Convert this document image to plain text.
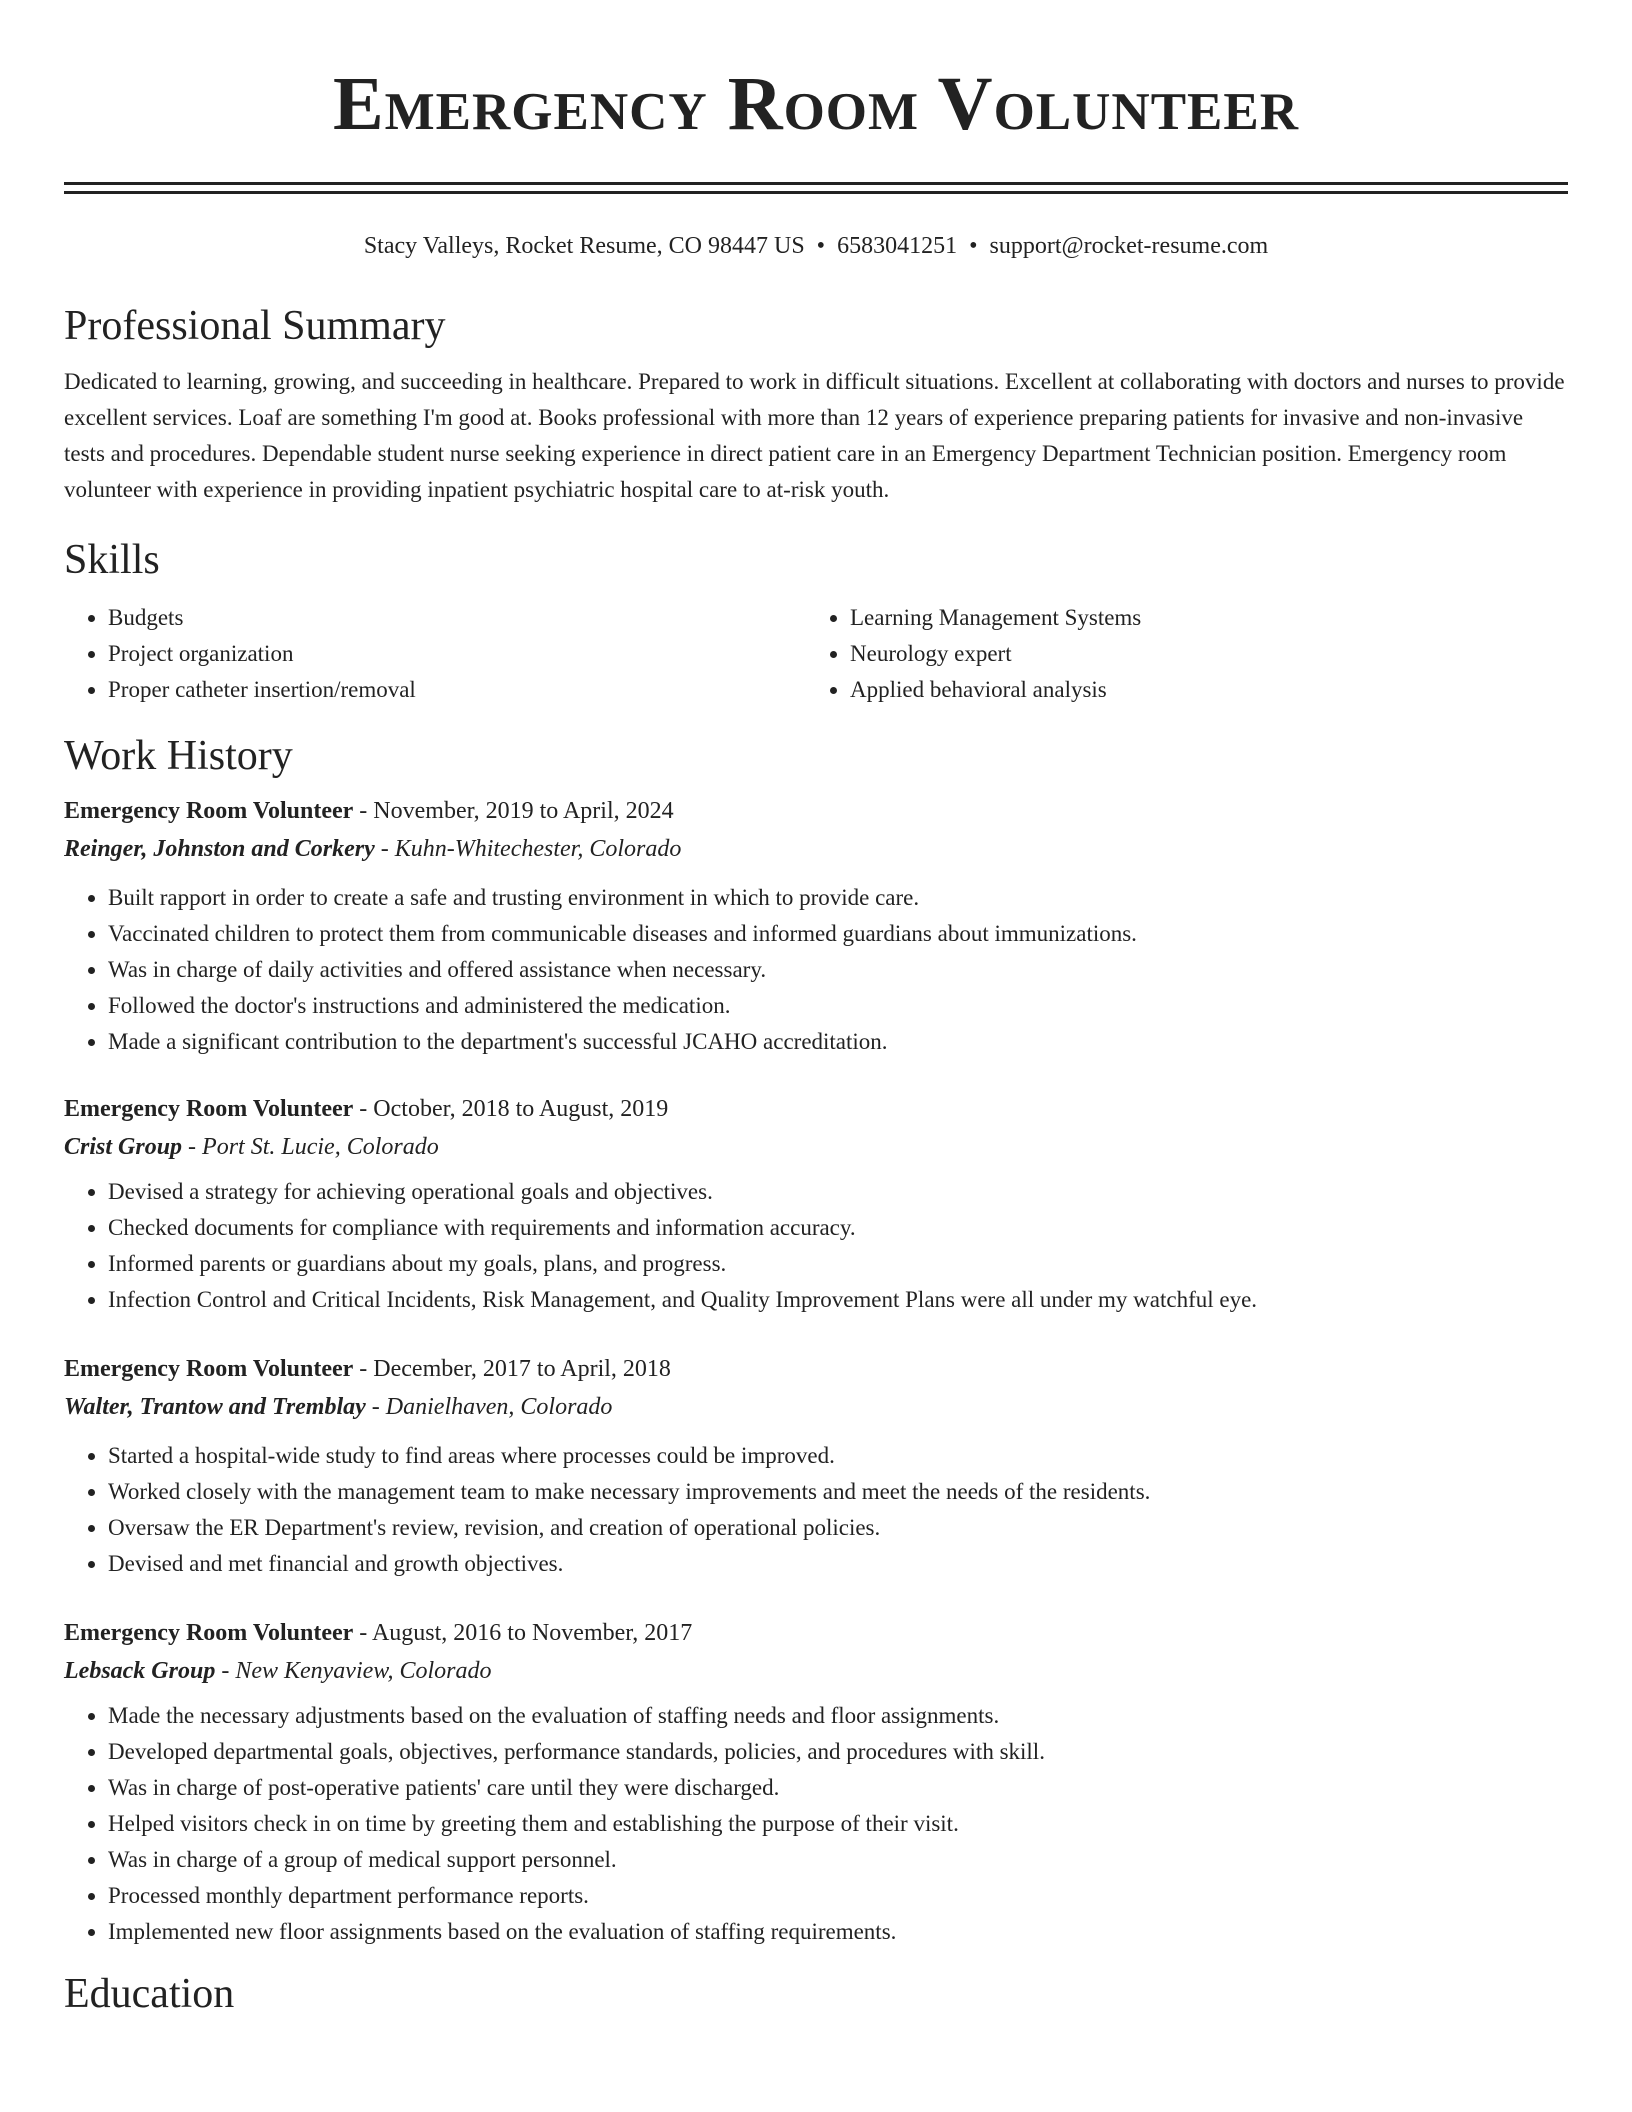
Emergency Room Volunteer
Stacy Valleys, Rocket Resume, CO 98447 US • 6583041251 • support@rocket-resume.com
Professional Summary

Dedicated to learning, growing, and succeeding in healthcare. Prepared to work in difficult situations. Excellent at collaborating with doctors and nurses to provide excellent services. Loaf are something I'm good at. Books professional with more than 12 years of experience preparing patients for invasive and non-invasive tests and procedures. Dependable student nurse seeking experience in direct patient care in an Emergency Department Technician position. Emergency room volunteer with experience in providing inpatient psychiatric hospital care to at-risk youth.

Skills
• Budgets
• Project organization
• Proper catheter insertion/removal
• Learning Management Systems
• Neurology expert
• Applied behavioral analysis
Work History
Emergency Room Volunteer - November, 2019 to April, 2024
Reinger, Johnston and Corkery - Kuhn-Whitechester, Colorado
• Built rapport in order to create a safe and trusting environment in which to provide care.
• Vaccinated children to protect them from communicable diseases and informed guardians about immunizations.
• Was in charge of daily activities and offered assistance when necessary.
• Followed the doctor's instructions and administered the medication.
• Made a significant contribution to the department's successful JCAHO accreditation.
Emergency Room Volunteer - October, 2018 to August, 2019
Crist Group - Port St. Lucie, Colorado
• Devised a strategy for achieving operational goals and objectives.
• Checked documents for compliance with requirements and information accuracy.
• Informed parents or guardians about my goals, plans, and progress.
• Infection Control and Critical Incidents, Risk Management, and Quality Improvement Plans were all under my watchful eye.
Emergency Room Volunteer - December, 2017 to April, 2018
Walter, Trantow and Tremblay - Danielhaven, Colorado
• Started a hospital-wide study to find areas where processes could be improved.
• Worked closely with the management team to make necessary improvements and meet the needs of the residents.
• Oversaw the ER Department's review, revision, and creation of operational policies.
• Devised and met financial and growth objectives.
Emergency Room Volunteer - August, 2016 to November, 2017
Lebsack Group - New Kenyaview, Colorado
• Made the necessary adjustments based on the evaluation of staffing needs and floor assignments.
• Developed departmental goals, objectives, performance standards, policies, and procedures with skill.
• Was in charge of post-operative patients' care until they were discharged.
• Helped visitors check in on time by greeting them and establishing the purpose of their visit.
• Was in charge of a group of medical support personnel.
• Processed monthly department performance reports.
• Implemented new floor assignments based on the evaluation of staffing requirements.
Education
